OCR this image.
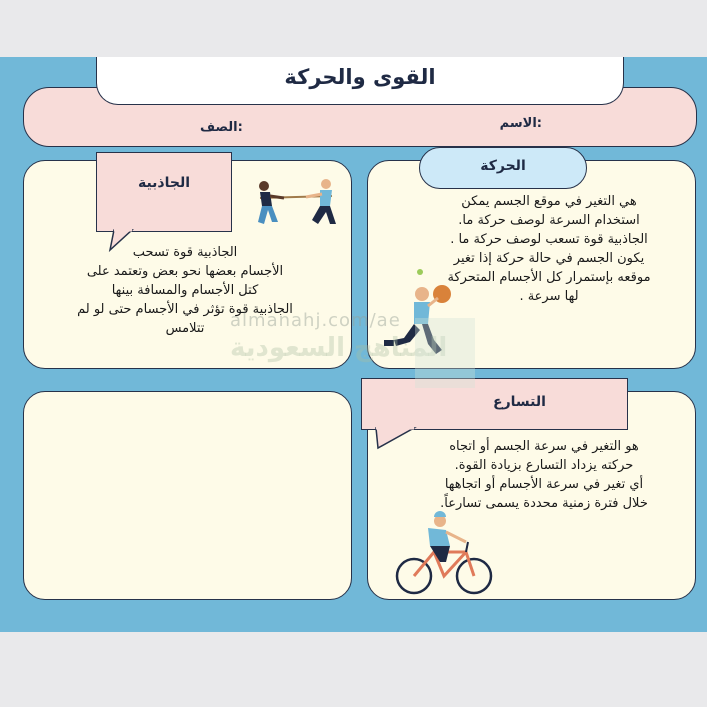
الاسم:
الصف:
القوى والحركة
الجاذبية قوة تسحب
الأجسام بعضها نحو بعض وتعتمد على
كتل الأجسام والمسافة بينها
الجاذبية قوة تؤثر في الأجسام حتى لو لم
تتلامس
الجاذبية
هي التغير في موقع الجسم يمكن
استخدام السرعة لوصف حركة ما.
الجاذبية قوة تسعب لوصف حركة ما .
يكون الجسم في حالة حركة إذا تغير
موقعه بإستمرار كل الأجسام المتحركة
لها سرعة .
الحركة
هو التغير في سرعة الجسم أو اتجاه
حركته يزداد التسارع بزيادة القوة.
أي تغير في سرعة الأجسام أو اتجاهها
خلال فترة زمنية محددة يسمى تسارعاً.
التسارع
almanahj.com/ae
المناهج السعودية
